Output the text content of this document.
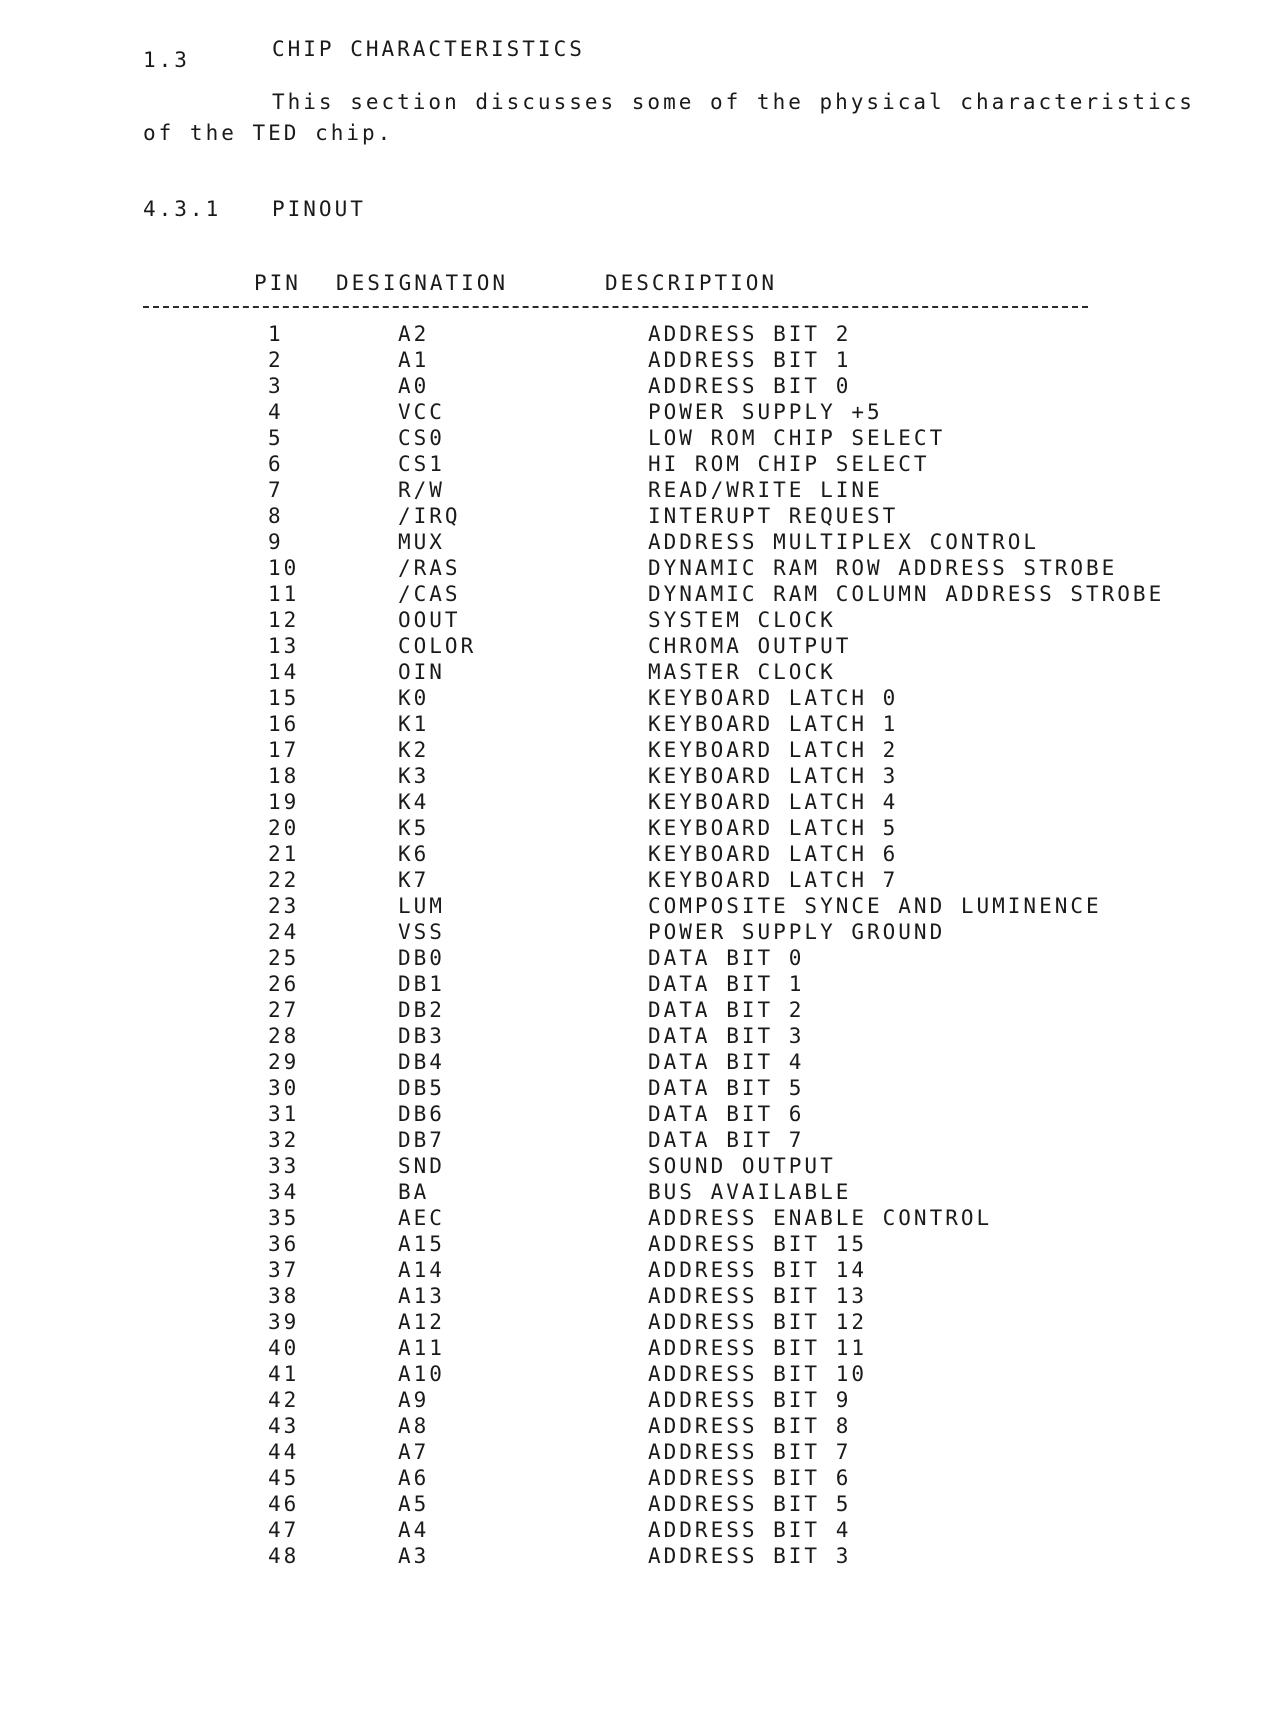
1.3	CHIP CHARACTERISTICS
This section discusses some of the physical characteristics
of the TED chip.
4.3.1 PINOUT
PIN DESIGNATION	DESCRIPTION
1	A2	ADDRESS BIT 2
2	A1	ADDRESS BIT 1
3	A0	ADDRESS BIT 0
4	VCC	POWER SUPPLY +5
5	CS0	LOW ROM CHIP SELECT
6	CS1	HI ROM CHIP SELECT
7	R/W	READ/WRITE LINE
8	/IRQ	INTERUPT REQUEST
9	MUX	ADDRESS MULTIPLEX CONTROL
10	/RAS	DYNAMIC RAM ROW ADDRESS STROBE
11	/CAS	DYNAMIC RAM COLUMN ADDRESS STROBE
12	OOUT	SYSTEM CLOCK
13	COLOR	CHROMA OUTPUT
14	OIN	MASTER CLOCK
15	K0	KEYBOARD LATCH 0
16	K1	KEYBOARD LATCH 1
17	K2	KEYBOARD LATCH 2
18	K3	KEYBOARD LATCH 3
19	K4	KEYBOARD LATCH 4
20	K5	KEYBOARD LATCH 5
21	K6	KEYBOARD LATCH 6
22	K7	KEYBOARD LATCH 7
23	LUM	COMPOSITE SYNCE AND LUMINENCE
24	VSS	POWER SUPPLY GROUND
25	DB0	DATA BIT 0
26	DB1	DATA BIT 1
27	DB2	DATA BIT 2
28	DB3	DATA BIT 3
29	DB4	DATA BIT 4
30	DB5	DATA BIT 5
31	DB6	DATA BIT 6
32	DB7	DATA BIT 7
33	SND	SOUND OUTPUT
34	BA	BUS AVAILABLE
35	AEC	ADDRESS ENABLE CONTROL
36	A15	ADDRESS BIT 15
37	A14	ADDRESS BIT 14
38	A13	ADDRESS BIT 13
39	A12	ADDRESS BIT 12
40	A11	ADDRESS BIT 11
41	A10	ADDRESS BIT 10
42	A9	ADDRESS BIT 9
43	A8	ADDRESS BIT 8
44	A7	ADDRESS BIT 7
45	A6	ADDRESS BIT 6
46	A5	ADDRESS BIT 5
47	A4	ADDRESS BIT 4
48	A3	ADDRESS BIT 3
